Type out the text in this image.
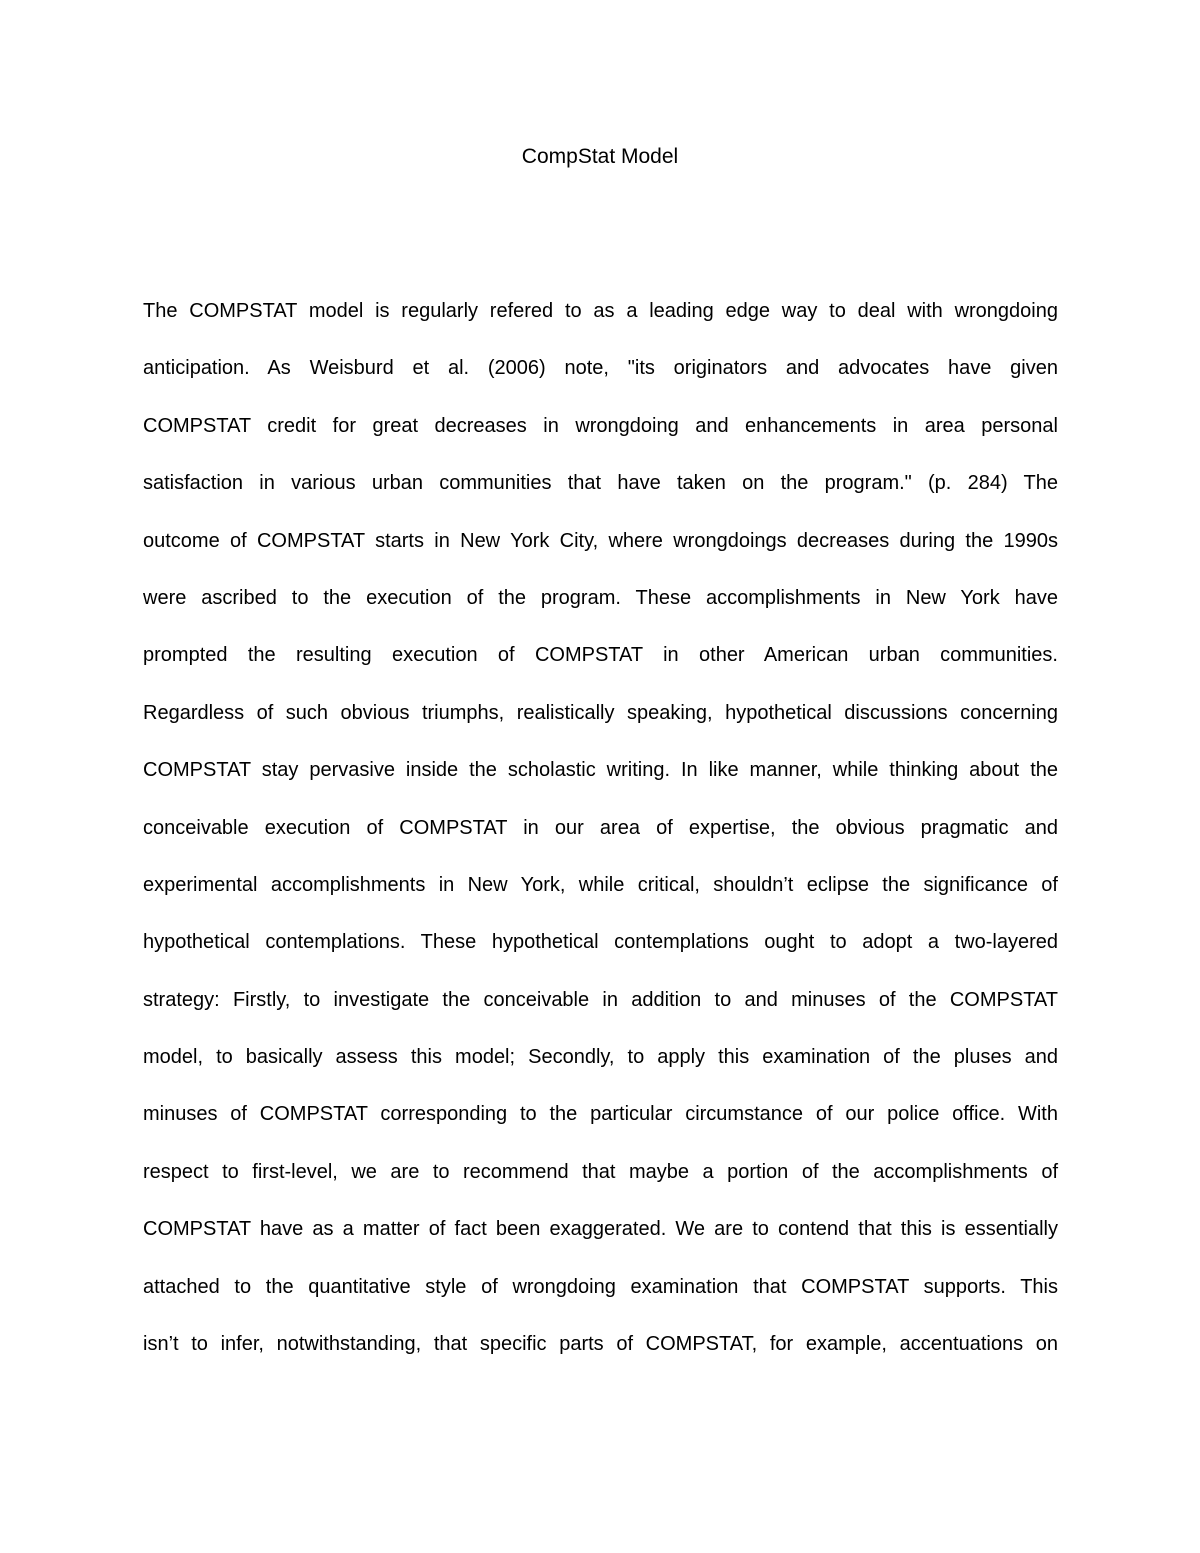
CompStat Model
The COMPSTAT model is regularly refered to as a leading edge way to deal with wrongdoing
anticipation. As Weisburd et al. (2006) note, "its originators and advocates have given
COMPSTAT credit for great decreases in wrongdoing and enhancements in area personal
satisfaction in various urban communities that have taken on the program." (p. 284) The
outcome of COMPSTAT starts in New York City, where wrongdoings decreases during the 1990s
were ascribed to the execution of the program. These accomplishments in New York have
prompted the resulting execution of COMPSTAT in other American urban communities.
Regardless of such obvious triumphs, realistically speaking, hypothetical discussions concerning
COMPSTAT stay pervasive inside the scholastic writing. In like manner, while thinking about the
conceivable execution of COMPSTAT in our area of expertise, the obvious pragmatic and
experimental accomplishments in New York, while critical, shouldn’t eclipse the significance of
hypothetical contemplations. These hypothetical contemplations ought to adopt a two-layered
strategy: Firstly, to investigate the conceivable in addition to and minuses of the COMPSTAT
model, to basically assess this model; Secondly, to apply this examination of the pluses and
minuses of COMPSTAT corresponding to the particular circumstance of our police office. With
respect to first-level, we are to recommend that maybe a portion of the accomplishments of
COMPSTAT have as a matter of fact been exaggerated. We are to contend that this is essentially
attached to the quantitative style of wrongdoing examination that COMPSTAT supports. This
isn’t to infer, notwithstanding, that specific parts of COMPSTAT, for example, accentuations on
